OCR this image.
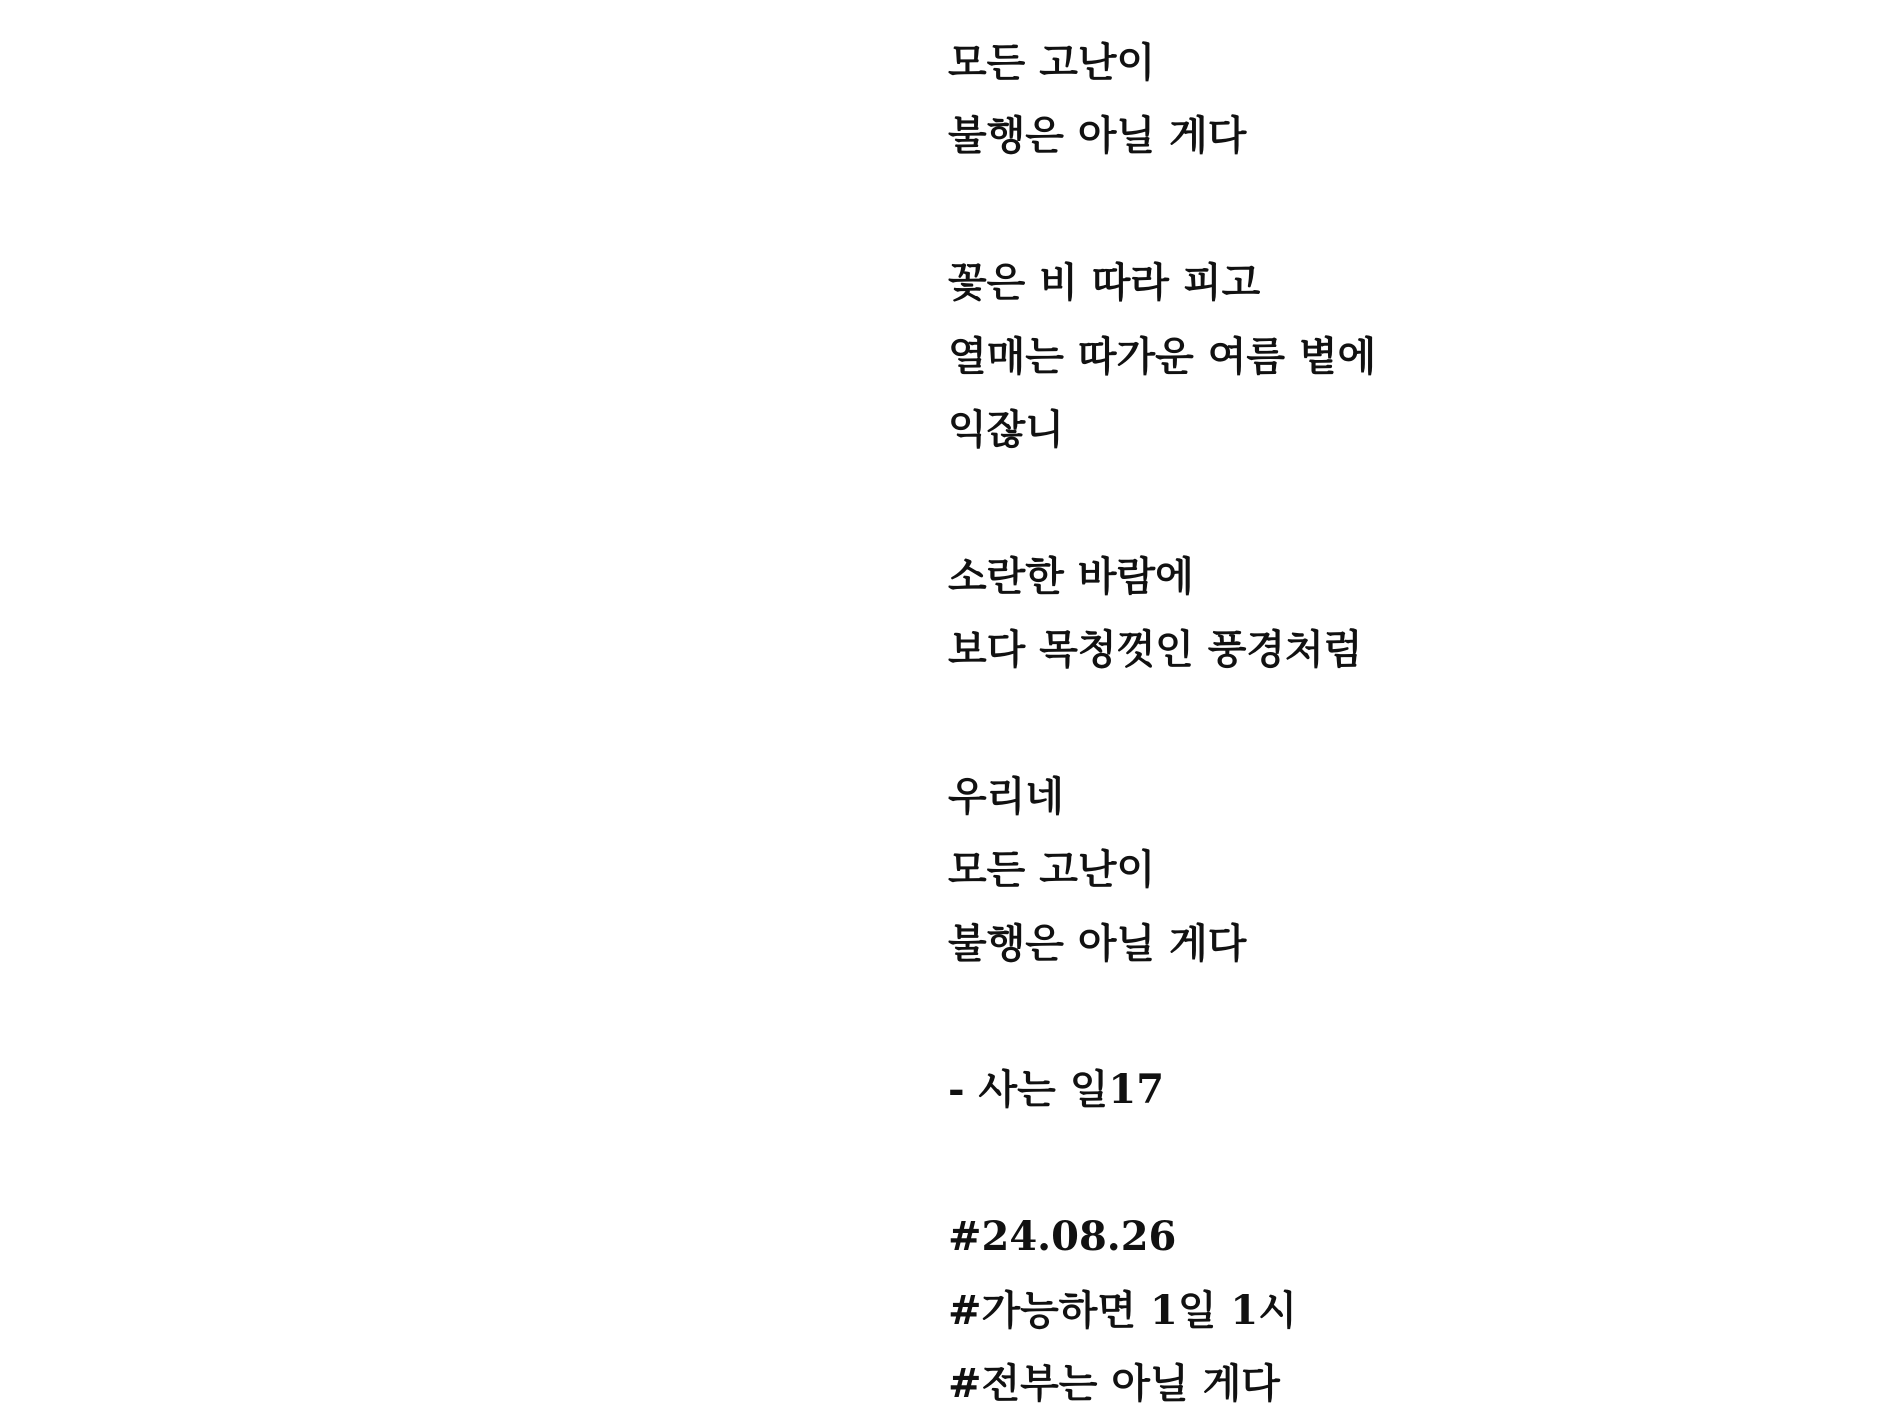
모든 고난이
불행은 아닐 게다
꽃은 비 따라 피고
열매는 따가운 여름 볕에
익잖니
소란한 바람에
보다 목청껏인 풍경처럼
우리네
모든 고난이
불행은 아닐 게다
- 사는 일17
#24.08.26
#가능하면 1일 1시
#전부는 아닐 게다
